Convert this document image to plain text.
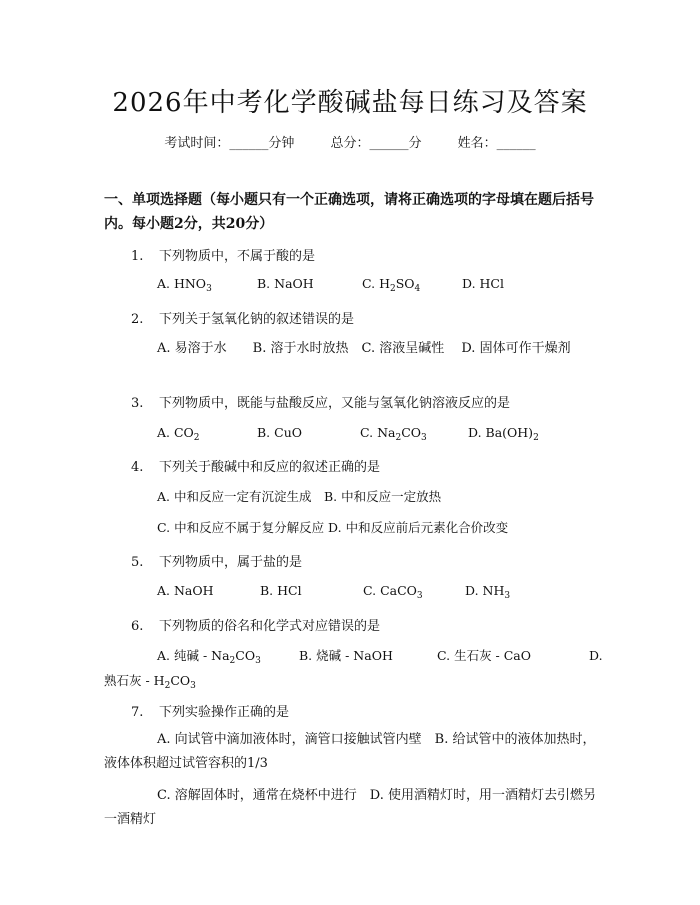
2026年中考化学酸碱盐每日练习及答案
考试时间：______分钟	总分：______分	姓名：______
一、单项选择题（每小题只有一个正确选项，请将正确选项的字母填在题后括号内。每小题2分，共20分）
1. 下列物质中，不属于酸的是
A. $HNO_3$	B. NaOH	C. $H_2SO_4$	D. HCl
2. 下列关于氢氧化钠的叙述错误的是
A. 易溶于水　　B. 溶于水时放热　C. 溶液呈碱性　 D. 固体可作干燥剂
3. 下列物质中，既能与盐酸反应，又能与氢氧化钠溶液反应的是
A. $CO_2$	B. CuO	C. $Na_2CO_3$	D. $Ba(OH)_2$
4. 下列关于酸碱中和反应的叙述正确的是
A. 中和反应一定有沉淀生成　B. 中和反应一定放热
C. 中和反应不属于复分解反应 D. 中和反应前后元素化合价改变
5. 下列物质中，属于盐的是
A. NaOH	B. HCl	C. CaCO$_3$	D. $NH_3$
6. 下列物质的俗名和化学式对应错误的是
A. 纯碱 - $Na_2CO_3$	B. 烧碱 - NaOH	C. 生石灰 - CaO	D.
熟石灰 - $H_2CO_3$
7. 下列实验操作正确的是
A. 向试管中滴加液体时，滴管口接触试管内壁　B. 给试管中的液体加热时，液体体积超过试管容积的1/3
C. 溶解固体时，通常在烧杯中进行　D. 使用酒精灯时，用一酒精灯去引燃另一酒精灯
